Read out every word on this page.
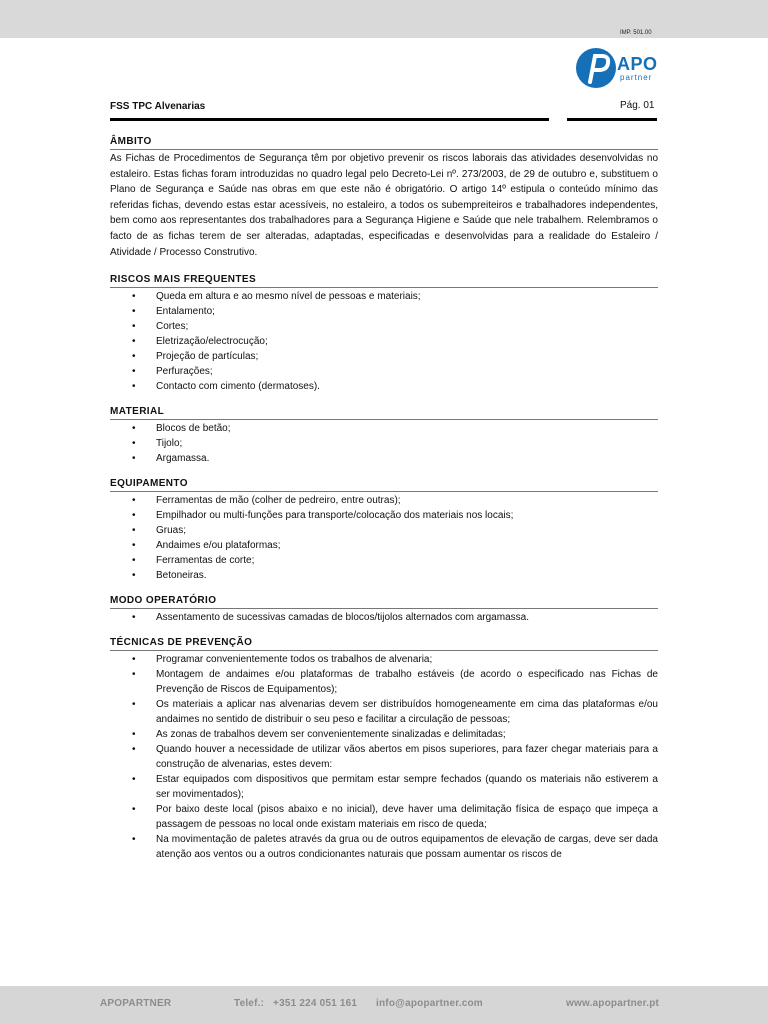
IMP. 501.00
APO
partner
FSS TPC Alvenarias	Pág. 01
ÂMBITO

As Fichas de Procedimentos de Segurança têm por objetivo prevenir os riscos laborais das atividades desenvolvidas no estaleiro. Estas fichas foram introduzidas no quadro legal pelo Decreto-Lei nº. 273/2003, de 29 de outubro e, substituem o Plano de Segurança e Saúde nas obras em que este não é obrigatório. O artigo 14º estipula o conteúdo mínimo das referidas fichas, devendo estas estar acessíveis, no estaleiro, a todos os subempreiteiros e trabalhadores independentes, bem como aos representantes dos trabalhadores para a Segurança Higiene e Saúde que nele trabalhem. Relembramos o facto de as fichas terem de ser alteradas, adaptadas, especificadas e desenvolvidas para a realidade do Estaleiro / Atividade / Processo Construtivo.

RISCOS MAIS FREQUENTES
• Queda em altura e ao mesmo nível de pessoas e materiais;
• Entalamento;
• Cortes;
• Eletrização/electrocução;
• Projeção de partículas;
• Perfurações;
• Contacto com cimento (dermatoses).
MATERIAL
• Blocos de betão;
• Tijolo;
• Argamassa.
EQUIPAMENTO
• Ferramentas de mão (colher de pedreiro, entre outras);
• Empilhador ou multi-funções para transporte/colocação dos materiais nos locais;
• Gruas;
• Andaimes e/ou plataformas;
• Ferramentas de corte;
• Betoneiras.
MODO OPERATÓRIO
• Assentamento de sucessivas camadas de blocos/tijolos alternados com argamassa.
TÉCNICAS DE PREVENÇÃO
• Programar convenientemente todos os trabalhos de alvenaria;
• Montagem de andaimes e/ou plataformas de trabalho estáveis (de acordo o especificado nas Fichas de Prevenção de Riscos de Equipamentos);
• Os materiais a aplicar nas alvenarias devem ser distribuídos homogeneamente em cima das plataformas e/ou andaimes no sentido de distribuir o seu peso e facilitar a circulação de pessoas;
• As zonas de trabalhos devem ser convenientemente sinalizadas e delimitadas;
• Quando houver a necessidade de utilizar vãos abertos em pisos superiores, para fazer chegar materiais para a construção de alvenarias, estes devem:
• Estar equipados com dispositivos que permitam estar sempre fechados (quando os materiais não estiverem a ser movimentados);
• Por baixo deste local (pisos abaixo e no inicial), deve haver uma delimitação física de espaço que impeça a passagem de pessoas no local onde existam materiais em risco de queda;
• Na movimentação de paletes através da grua ou de outros equipamentos de elevação de cargas, deve ser dada atenção aos ventos ou a outros condicionantes naturais que possam aumentar os riscos de
APOPARTNER	Telef.:   +351 224 051 161 info@apopartner.com	www.apopartner.pt
